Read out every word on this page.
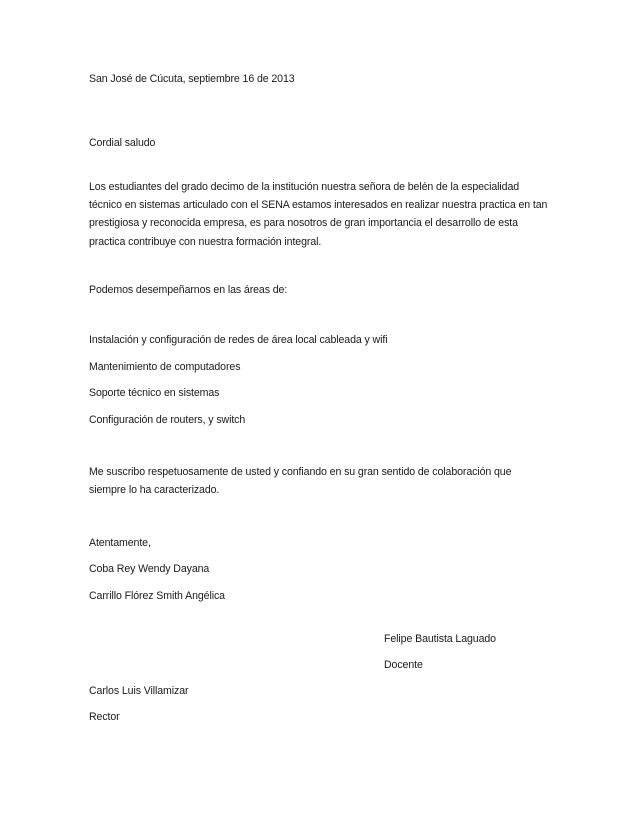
San José de Cúcuta, septiembre 16 de 2013
Cordial saludo
Los estudiantes del grado decimo de la institución nuestra señora de belén de la especialidad
técnico en sistemas articulado con el SENA estamos interesados en realizar nuestra practica en tan
prestigiosa y reconocida empresa, es para nosotros de gran importancia el desarrollo de esta
practica contribuye con nuestra formación integral.
Podemos desempeñarnos en las áreas de:
Instalación y configuración de redes de área local cableada y wifi
Mantenimiento de computadores
Soporte técnico en sistemas
Configuración de routers, y switch
Me suscribo respetuosamente de usted y confiando en su gran sentido de colaboración que
siempre lo ha caracterizado.
Atentamente,
Coba Rey Wendy Dayana
Carrillo Flórez Smith Angélica
Felipe Bautista Laguado
Docente
Carlos Luis Villamizar
Rector
